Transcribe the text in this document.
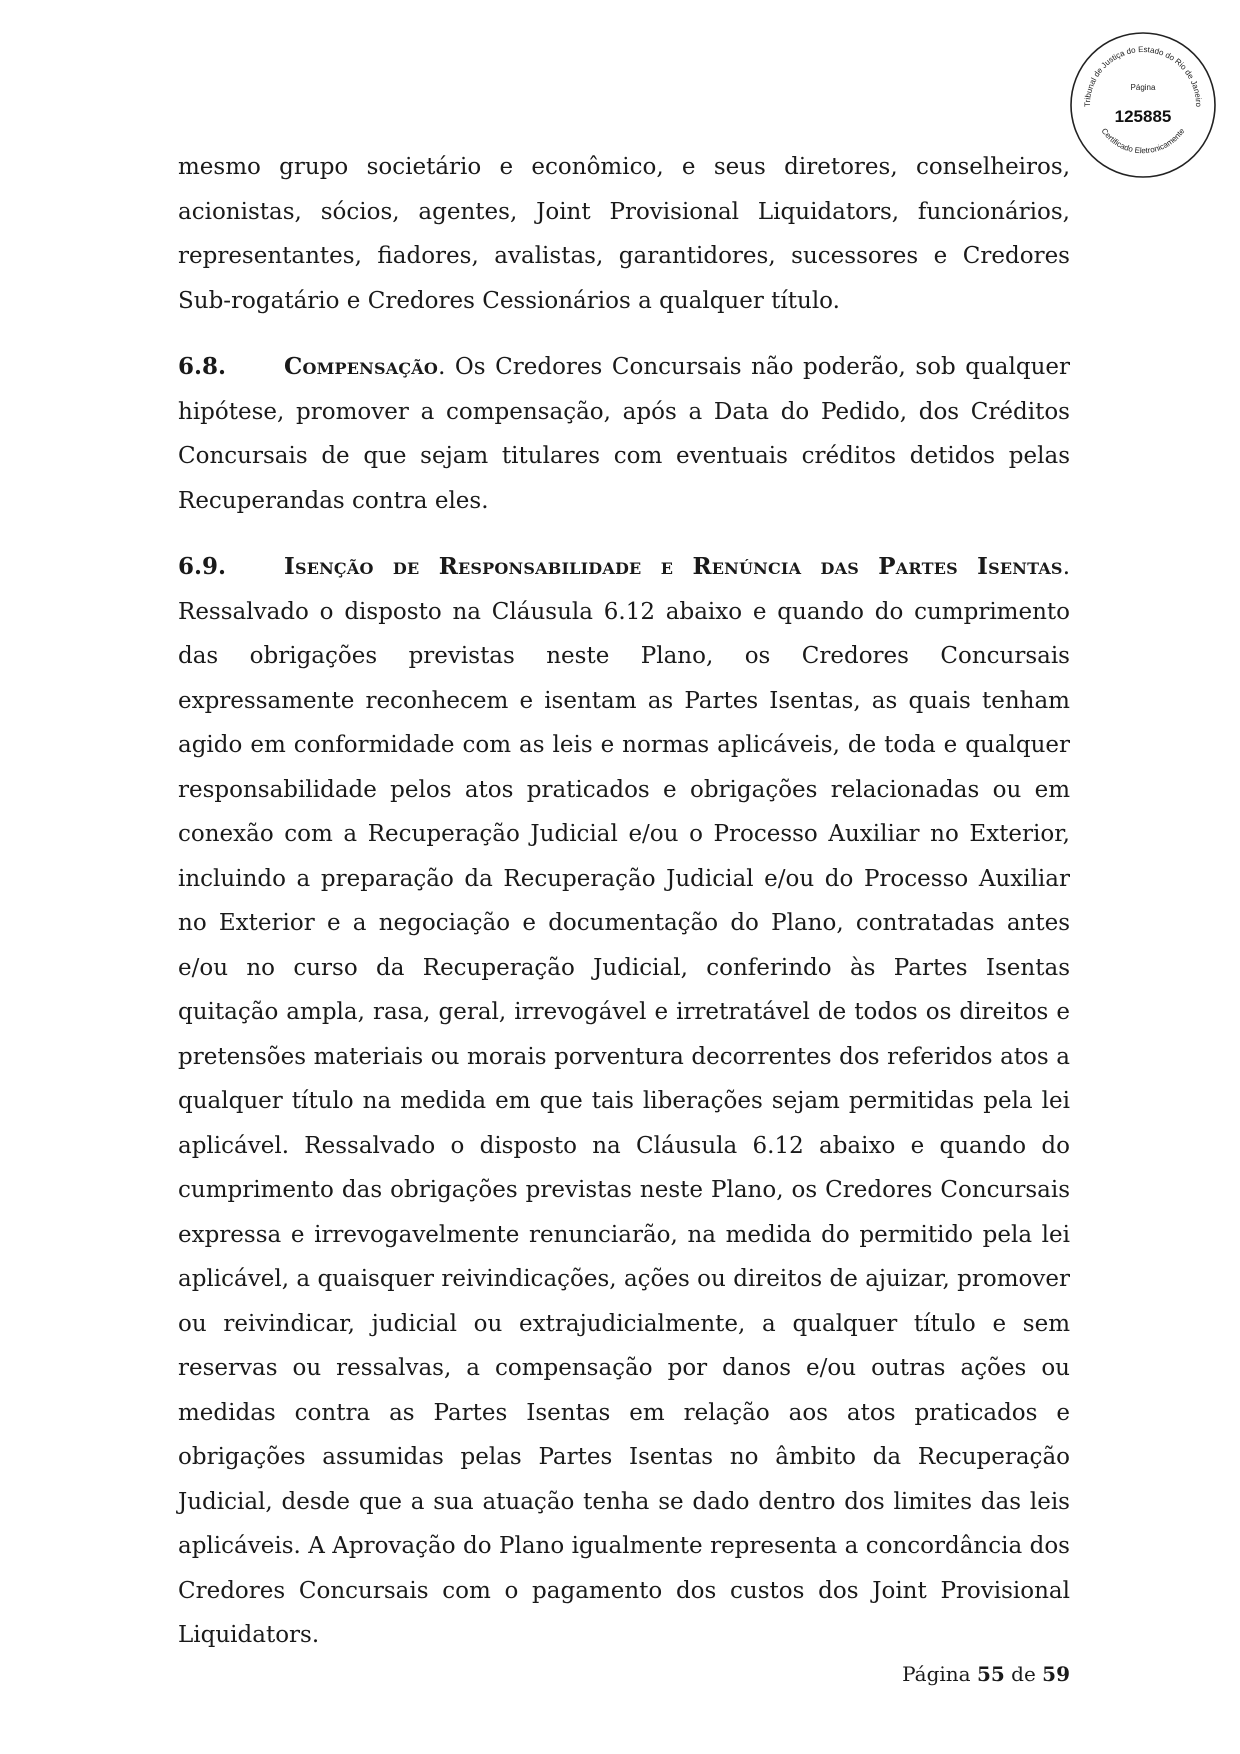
Tribunal de Justiça do Estado do Rio de Janeiro
Página
125885
Certificado Eletronicamente

mesmo grupo societário e econômico, e seus diretores, conselheiros, acionistas, sócios, agentes, Joint Provisional Liquidators, funcionários, representantes, fiadores, avalistas, garantidores, sucessores e Credores Sub-rogatário e Credores Cessionários a qualquer título.

6.8.	Compensação. Os Credores Concursais não poderão, sob qualquer hipótese, promover a compensação, após a Data do Pedido, dos Créditos Concursais de que sejam titulares com eventuais créditos detidos pelas Recuperandas contra eles.

6.9.	Isenção de Responsabilidade e Renúncia das Partes Isentas. Ressalvado o disposto na Cláusula 6.12 abaixo e quando do cumprimento das obrigações previstas neste Plano, os Credores Concursais expressamente reconhecem e isentam as Partes Isentas, as quais tenham agido em conformidade com as leis e normas aplicáveis, de toda e qualquer responsabilidade pelos atos praticados e obrigações relacionadas ou em conexão com a Recuperação Judicial e/ou o Processo Auxiliar no Exterior, incluindo a preparação da Recuperação Judicial e/ou do Processo Auxiliar no Exterior e a negociação e documentação do Plano, contratadas antes e/ou no curso da Recuperação Judicial, conferindo às Partes Isentas quitação ampla, rasa, geral, irrevogável e irretratável de todos os direitos e pretensões materiais ou morais porventura decorrentes dos referidos atos a qualquer título na medida em que tais liberações sejam permitidas pela lei aplicável. Ressalvado o disposto na Cláusula 6.12 abaixo e quando do cumprimento das obrigações previstas neste Plano, os Credores Concursais expressa e irrevogavelmente renunciarão, na medida do permitido pela lei aplicável, a quaisquer reivindicações, ações ou direitos de ajuizar, promover ou reivindicar, judicial ou extrajudicialmente, a qualquer título e sem reservas ou ressalvas, a compensação por danos e/ou outras ações ou medidas contra as Partes Isentas em relação aos atos praticados e obrigações assumidas pelas Partes Isentas no âmbito da Recuperação Judicial, desde que a sua atuação tenha se dado dentro dos limites das leis aplicáveis. A Aprovação do Plano igualmente representa a concordância dos Credores Concursais com o pagamento dos custos dos Joint Provisional Liquidators.

Página 55 de 59
